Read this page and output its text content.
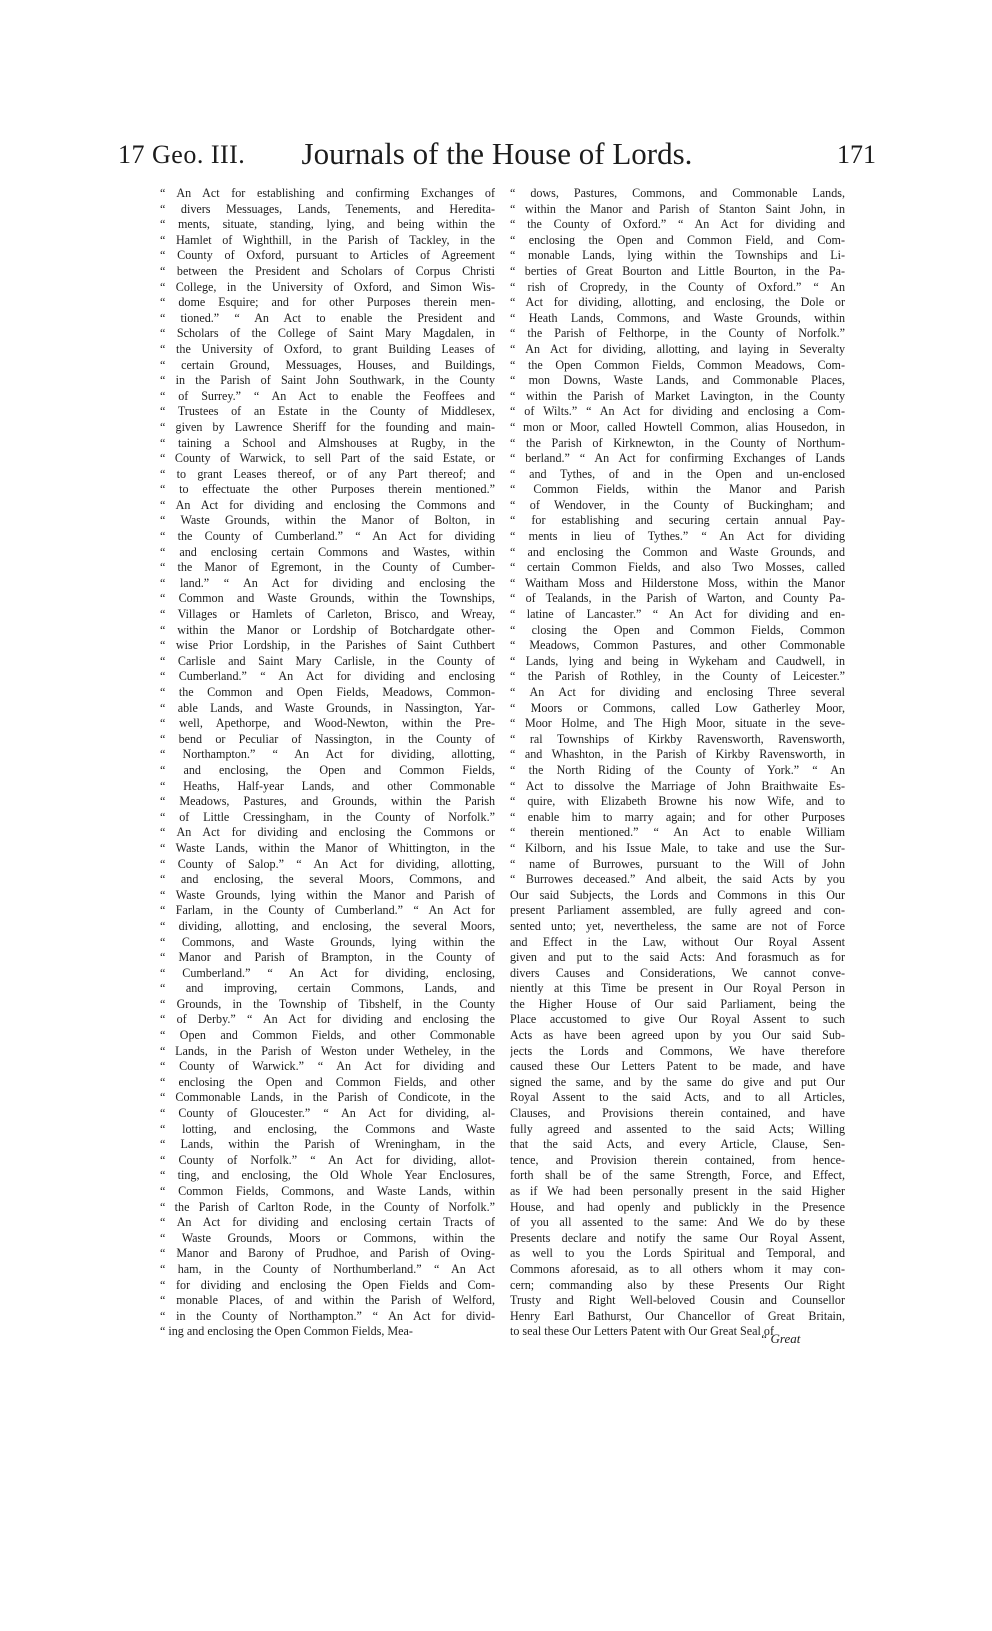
17 Geo. III.	Journals of the House of Lords.	171
“ An Act for establishing and confirming Exchanges of
“ divers Messuages, Lands, Tenements, and Heredita-
“ ments, situate, standing, lying, and being within the
“ Hamlet of Wighthill, in the Parish of Tackley, in the
“ County of Oxford, pursuant to Articles of Agreement
“ between the President and Scholars of Corpus Christi
“ College, in the University of Oxford, and Simon Wis-
“ dome Esquire; and for other Purposes therein men-
“ tioned.” “ An Act to enable the President and
“ Scholars of the College of Saint Mary Magdalen, in
“ the University of Oxford, to grant Building Leases of
“ certain Ground, Messuages, Houses, and Buildings,
“ in the Parish of Saint John Southwark, in the County
“ of Surrey.” “ An Act to enable the Feoffees and
“ Trustees of an Estate in the County of Middlesex,
“ given by Lawrence Sheriff for the founding and main-
“ taining a School and Almshouses at Rugby, in the
“ County of Warwick, to sell Part of the said Estate, or
“ to grant Leases thereof, or of any Part thereof; and
“ to effectuate the other Purposes therein mentioned.”
“ An Act for dividing and enclosing the Commons and
“ Waste Grounds, within the Manor of Bolton, in
“ the County of Cumberland.” “ An Act for dividing
“ and enclosing certain Commons and Wastes, within
“ the Manor of Egremont, in the County of Cumber-
“ land.” “ An Act for dividing and enclosing the
“ Common and Waste Grounds, within the Townships,
“ Villages or Hamlets of Carleton, Brisco, and Wreay,
“ within the Manor or Lordship of Botchardgate other-
“ wise Prior Lordship, in the Parishes of Saint Cuthbert
“ Carlisle and Saint Mary Carlisle, in the County of
“ Cumberland.” “ An Act for dividing and enclosing
“ the Common and Open Fields, Meadows, Common-
“ able Lands, and Waste Grounds, in Nassington, Yar-
“ well, Apethorpe, and Wood-Newton, within the Pre-
“ bend or Peculiar of Nassington, in the County of
“ Northampton.” “ An Act for dividing, allotting,
“ and enclosing, the Open and Common Fields,
“ Heaths, Half-year Lands, and other Commonable
“ Meadows, Pastures, and Grounds, within the Parish
“ of Little Cressingham, in the County of Norfolk.”
“ An Act for dividing and enclosing the Commons or
“ Waste Lands, within the Manor of Whittington, in the
“ County of Salop.” “ An Act for dividing, allotting,
“ and enclosing, the several Moors, Commons, and
“ Waste Grounds, lying within the Manor and Parish of
“ Farlam, in the County of Cumberland.” “ An Act for
“ dividing, allotting, and enclosing, the several Moors,
“ Commons, and Waste Grounds, lying within the
“ Manor and Parish of Brampton, in the County of
“ Cumberland.” “ An Act for dividing, enclosing,
“ and improving, certain Commons, Lands, and
“ Grounds, in the Township of Tibshelf, in the County
“ of Derby.” “ An Act for dividing and enclosing the
“ Open and Common Fields, and other Commonable
“ Lands, in the Parish of Weston under Wetheley, in the
“ County of Warwick.” “ An Act for dividing and
“ enclosing the Open and Common Fields, and other
“ Commonable Lands, in the Parish of Condicote, in the
“ County of Gloucester.” “ An Act for dividing, al-
“ lotting, and enclosing, the Commons and Waste
“ Lands, within the Parish of Wreningham, in the
“ County of Norfolk.” “ An Act for dividing, allot-
“ ting, and enclosing, the Old Whole Year Enclosures,
“ Common Fields, Commons, and Waste Lands, within
“ the Parish of Carlton Rode, in the County of Norfolk.”
“ An Act for dividing and enclosing certain Tracts of
“ Waste Grounds, Moors or Commons, within the
“ Manor and Barony of Prudhoe, and Parish of Oving-
“ ham, in the County of Northumberland.” “ An Act
“ for dividing and enclosing the Open Fields and Com-
“ monable Places, of and within the Parish of Welford,
“ in the County of Northampton.” “ An Act for divid-
“ ing and enclosing the Open Common Fields, Mea-
“ dows, Pastures, Commons, and Commonable Lands,
“ within the Manor and Parish of Stanton Saint John, in
“ the County of Oxford.” “ An Act for dividing and
“ enclosing the Open and Common Field, and Com-
“ monable Lands, lying within the Townships and Li-
“ berties of Great Bourton and Little Bourton, in the Pa-
“ rish of Cropredy, in the County of Oxford.” “ An
“ Act for dividing, allotting, and enclosing, the Dole or
“ Heath Lands, Commons, and Waste Grounds, within
“ the Parish of Felthorpe, in the County of Norfolk.”
“ An Act for dividing, allotting, and laying in Severalty
“ the Open Common Fields, Common Meadows, Com-
“ mon Downs, Waste Lands, and Commonable Places,
“ within the Parish of Market Lavington, in the County
“ of Wilts.” “ An Act for dividing and enclosing a Com-
“ mon or Moor, called Howtell Common, alias Housedon, in
“ the Parish of Kirknewton, in the County of Northum-
“ berland.” “ An Act for confirming Exchanges of Lands
“ and Tythes, of and in the Open and un-enclosed
“ Common Fields, within the Manor and Parish
“ of Wendover, in the County of Buckingham; and
“ for establishing and securing certain annual Pay-
“ ments in lieu of Tythes.” “ An Act for dividing
“ and enclosing the Common and Waste Grounds, and
“ certain Common Fields, and also Two Mosses, called
“ Waitham Moss and Hilderstone Moss, within the Manor
“ of Tealands, in the Parish of Warton, and County Pa-
“ latine of Lancaster.” “ An Act for dividing and en-
“ closing the Open and Common Fields, Common
“ Meadows, Common Pastures, and other Commonable
“ Lands, lying and being in Wykeham and Caudwell, in
“ the Parish of Rothley, in the County of Leicester.”
“ An Act for dividing and enclosing Three several
“ Moors or Commons, called Low Gatherley Moor,
“ Moor Holme, and The High Moor, situate in the seve-
“ ral Townships of Kirkby Ravensworth, Ravensworth,
“ and Whashton, in the Parish of Kirkby Ravensworth, in
“ the North Riding of the County of York.” “ An
“ Act to dissolve the Marriage of John Braithwaite Es-
“ quire, with Elizabeth Browne his now Wife, and to
“ enable him to marry again; and for other Purposes
“ therein mentioned.” “ An Act to enable William
“ Kilborn, and his Issue Male, to take and use the Sur-
“ name of Burrowes, pursuant to the Will of John
“ Burrowes deceased.” And albeit, the said Acts by you
Our said Subjects, the Lords and Commons in this Our
present Parliament assembled, are fully agreed and con-
sented unto; yet, nevertheless, the same are not of Force
and Effect in the Law, without Our Royal Assent
given and put to the said Acts: And forasmuch as for
divers Causes and Considerations, We cannot conve-
niently at this Time be present in Our Royal Person in
the Higher House of Our said Parliament, being the
Place accustomed to give Our Royal Assent to such
Acts as have been agreed upon by you Our said Sub-
jects the Lords and Commons, We have therefore
caused these Our Letters Patent to be made, and have
signed the same, and by the same do give and put Our
Royal Assent to the said Acts, and to all Articles,
Clauses, and Provisions therein contained, and have
fully agreed and assented to the said Acts; Willing
that the said Acts, and every Article, Clause, Sen-
tence, and Provision therein contained, from hence-
forth shall be of the same Strength, Force, and Effect,
as if We had been personally present in the said Higher
House, and had openly and publickly in the Presence
of you all assented to the same: And We do by these
Presents declare and notify the same Our Royal Assent,
as well to you the Lords Spiritual and Temporal, and
Commons aforesaid, as to all others whom it may con-
cern; commanding also by these Presents Our Right
Trusty and Right Well-beloved Cousin and Counsellor
Henry Earl Bathurst, Our Chancellor of Great Britain,
to seal these Our Letters Patent with Our Great Seal of
“ Great
